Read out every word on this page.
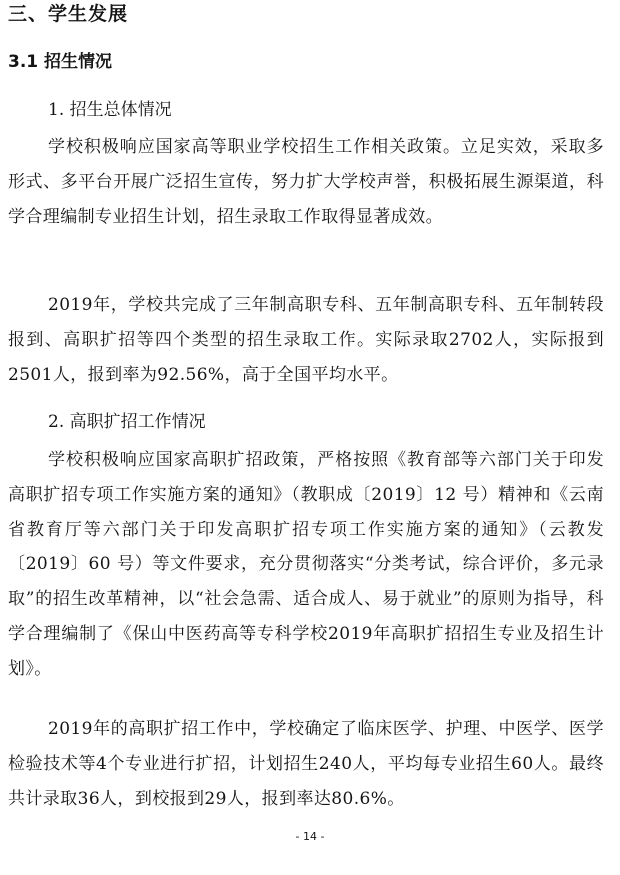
三、学生发展
3.1 招生情况
1. 招生总体情况

学校积极响应国家高等职业学校招生工作相关政策。立足实效，采取多形式、多平台开展广泛招生宣传，努力扩大学校声誉，积极拓展生源渠道，科学合理编制专业招生计划，招生录取工作取得显著成效。

2019年，学校共完成了三年制高职专科、五年制高职专科、五年制转段报到、高职扩招等四个类型的招生录取工作。实际录取2702人，实际报到2501人，报到率为92.56%，高于全国平均水平。

2. 高职扩招工作情况

学校积极响应国家高职扩招政策，严格按照《教育部等六部门关于印发高职扩招专项工作实施方案的通知》（教职成〔2019〕12 号）精神和《云南省教育厅等六部门关于印发高职扩招专项工作实施方案的通知》（云教发〔2019〕60 号）等文件要求，充分贯彻落实“分类考试，综合评价，多元录取”的招生改革精神，以“社会急需、适合成人、易于就业”的原则为指导，科学合理编制了《保山中医药高等专科学校2019年高职扩招招生专业及招生计划》。

2019年的高职扩招工作中，学校确定了临床医学、护理、中医学、医学检验技术等4个专业进行扩招，计划招生240人，平均每专业招生60人。最终共计录取36人，到校报到29人，报到率达80.6%。

- 14 -
